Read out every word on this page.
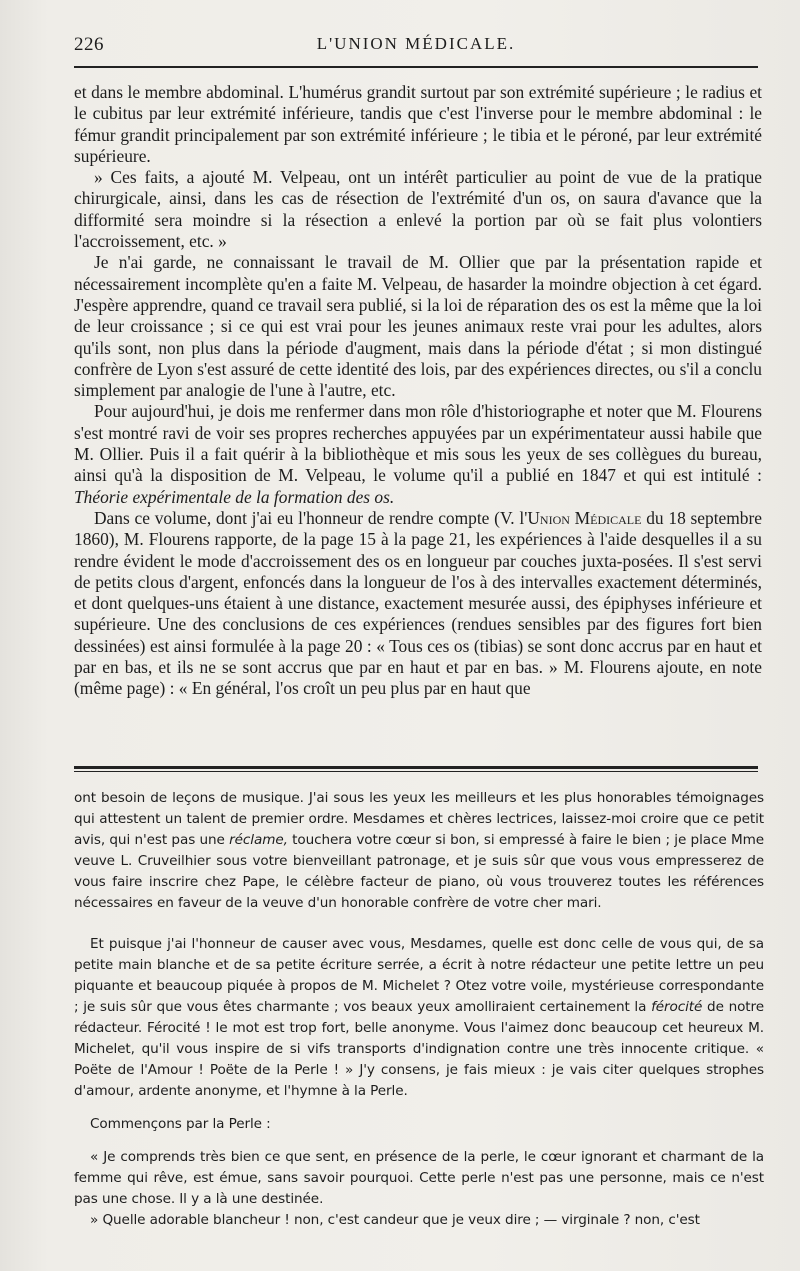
226	L'UNION MÉDICALE.

et dans le membre abdominal. L'humérus grandit surtout par son extrémité supérieure ; le radius et le cubitus par leur extrémité inférieure, tandis que c'est l'inverse pour le membre abdominal : le fémur grandit principalement par son extrémité inférieure ; le tibia et le péroné, par leur extrémité supérieure.

» Ces faits, a ajouté M. Velpeau, ont un intérêt particulier au point de vue de la pratique chirurgicale, ainsi, dans les cas de résection de l'extrémité d'un os, on saura d'avance que la difformité sera moindre si la résection a enlevé la portion par où se fait plus volontiers l'accroissement, etc. »

Je n'ai garde, ne connaissant le travail de M. Ollier que par la présentation rapide et nécessairement incomplète qu'en a faite M. Velpeau, de hasarder la moindre objection à cet égard. J'espère apprendre, quand ce travail sera publié, si la loi de réparation des os est la même que la loi de leur croissance ; si ce qui est vrai pour les jeunes animaux reste vrai pour les adultes, alors qu'ils sont, non plus dans la période d'augment, mais dans la période d'état ; si mon distingué confrère de Lyon s'est assuré de cette identité des lois, par des expériences directes, ou s'il a conclu simplement par analogie de l'une à l'autre, etc.

Pour aujourd'hui, je dois me renfermer dans mon rôle d'historiographe et noter que M. Flourens s'est montré ravi de voir ses propres recherches appuyées par un expérimentateur aussi habile que M. Ollier. Puis il a fait quérir à la bibliothèque et mis sous les yeux de ses collègues du bureau, ainsi qu'à la disposition de M. Velpeau, le volume qu'il a publié en 1847 et qui est intitulé : Théorie expérimentale de la formation des os.

Dans ce volume, dont j'ai eu l'honneur de rendre compte (V. l'Union Médicale du 18 septembre 1860), M. Flourens rapporte, de la page 15 à la page 21, les expériences à l'aide desquelles il a su rendre évident le mode d'accroissement des os en longueur par couches juxta-posées. Il s'est servi de petits clous d'argent, enfoncés dans la longueur de l'os à des intervalles exactement déterminés, et dont quelques-uns étaient à une distance, exactement mesurée aussi, des épiphyses inférieure et supérieure. Une des conclusions de ces expériences (rendues sensibles par des figures fort bien dessinées) est ainsi formulée à la page 20 : « Tous ces os (tibias) se sont donc accrus par en haut et par en bas, et ils ne se sont accrus que par en haut et par en bas. » M. Flourens ajoute, en note (même page) : « En général, l'os croît un peu plus par en haut que

ont besoin de leçons de musique. J'ai sous les yeux les meilleurs et les plus honorables témoignages qui attestent un talent de premier ordre. Mesdames et chères lectrices, laissez-moi croire que ce petit avis, qui n'est pas une réclame, touchera votre cœur si bon, si empressé à faire le bien ; je place Mme veuve L. Cruveilhier sous votre bienveillant patronage, et je suis sûr que vous vous empresserez de vous faire inscrire chez Pape, le célèbre facteur de piano, où vous trouverez toutes les références nécessaires en faveur de la veuve d'un honorable confrère de votre cher mari.

Et puisque j'ai l'honneur de causer avec vous, Mesdames, quelle est donc celle de vous qui, de sa petite main blanche et de sa petite écriture serrée, a écrit à notre rédacteur une petite lettre un peu piquante et beaucoup piquée à propos de M. Michelet ? Otez votre voile, mystérieuse correspondante ; je suis sûr que vous êtes charmante ; vos beaux yeux amolliraient certainement la férocité de notre rédacteur. Férocité ! le mot est trop fort, belle anonyme. Vous l'aimez donc beaucoup cet heureux M. Michelet, qu'il vous inspire de si vifs transports d'indignation contre une très innocente critique. « Poëte de l'Amour ! Poëte de la Perle ! » J'y consens, je fais mieux : je vais citer quelques strophes d'amour, ardente anonyme, et l'hymne à la Perle.

Commençons par la Perle :

« Je comprends très bien ce que sent, en présence de la perle, le cœur ignorant et charmant de la femme qui rêve, est émue, sans savoir pourquoi. Cette perle n'est pas une personne, mais ce n'est pas une chose. Il y a là une destinée.

» Quelle adorable blancheur ! non, c'est candeur que je veux dire ; — virginale ? non, c'est
